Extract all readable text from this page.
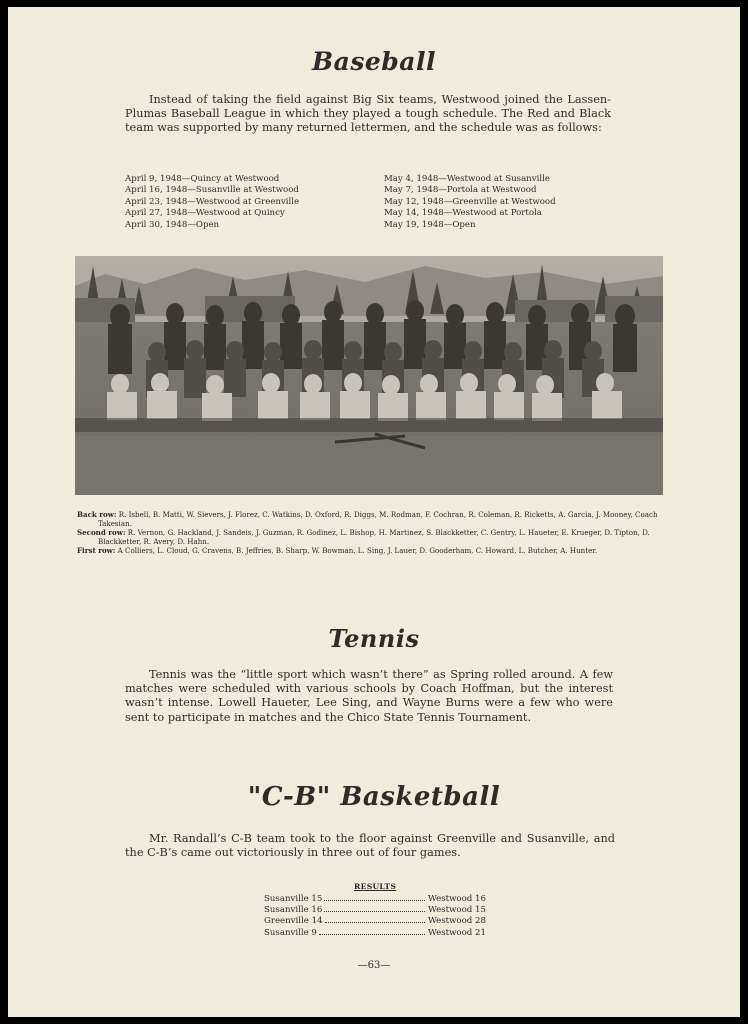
Baseball

Instead of taking the field against Big Six teams, Westwood joined the Lassen-Plumas Baseball League in which they played a tough schedule. The Red and Black team was supported by many returned lettermen, and the schedule was as follows:

April 9, 1948—Quincy at Westwood
April 16, 1948—Susanville at Westwood
April 23, 1948—Westwood at Greenville
April 27, 1948—Westwood at Quincy
April 30, 1948—Open
May 4, 1948—Westwood at Susanville
May 7, 1948—Portola at Westwood
May 12, 1948—Greenville at Westwood
May 14, 1948—Westwood at Portola
May 19, 1948—Open
Back row: R. Isbell, B. Matti, W. Sievers, J. Florez, C. Watkins, D. Oxford, R. Diggs, M. Rodman, F. Cochran, R. Coleman, R. Ricketts, A. Garcia, J. Mooney, Coach Takesian.
Second row: R. Vernon, G. Hackland, J. Sandeis, J. Guzman, R. Godinez, L. Bishop, H. Martinez, S. Blackketter, C. Gentry, L. Haueter, E. Krueger, D. Tipton, D. Blackketter, R. Avery, D. Hahn.
First row: A Colliers, L. Cloud, G. Cravens, B. Jeffries, B. Sharp, W. Bowman, L. Sing, J. Lauer, D. Gooderham, C. Howard, L. Butcher, A. Hunter.
Tennis

Tennis was the “little sport which wasn’t there” as Spring rolled around. A few matches were scheduled with various schools by Coach Hoffman, but the interest wasn’t intense. Lowell Haueter, Lee Sing, and Wayne Burns were a few who were sent to participate in matches and the Chico State Tennis Tournament.

"C-B" Basketball

Mr. Randall’s C-B team took to the floor against Greenville and Susanville, and the C-B’s came out victoriously in three out of four games.

RESULTS
Susanville 15	Westwood 16
Susanville 16	Westwood 15
Greenville 14	Westwood 28
Susanville 9	Westwood 21
—63—
